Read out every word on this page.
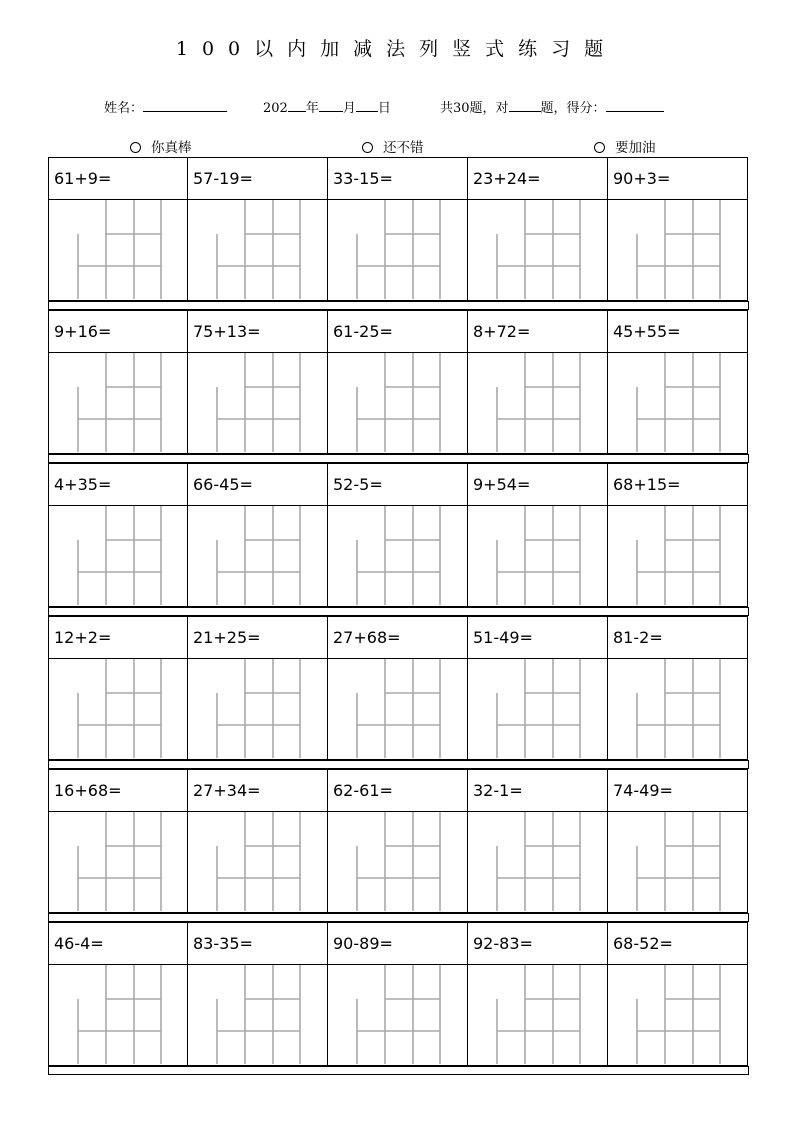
100以内加减法列竖式练习题
姓名：	202 年 月 日	共30题，对 题，得分：
你真棒	还不错	要加油
61+9=	57-19=	33-15=	23+24=	90+3=
9+16=	75+13=	61-25=	8+72=	45+55=
4+35=	66-45=	52-5=	9+54=	68+15=
12+2=	21+25=	27+68=	51-49=	81-2=
16+68=	27+34=	62-61=	32-1=	74-49=
46-4=	83-35=	90-89=	92-83=	68-52=
